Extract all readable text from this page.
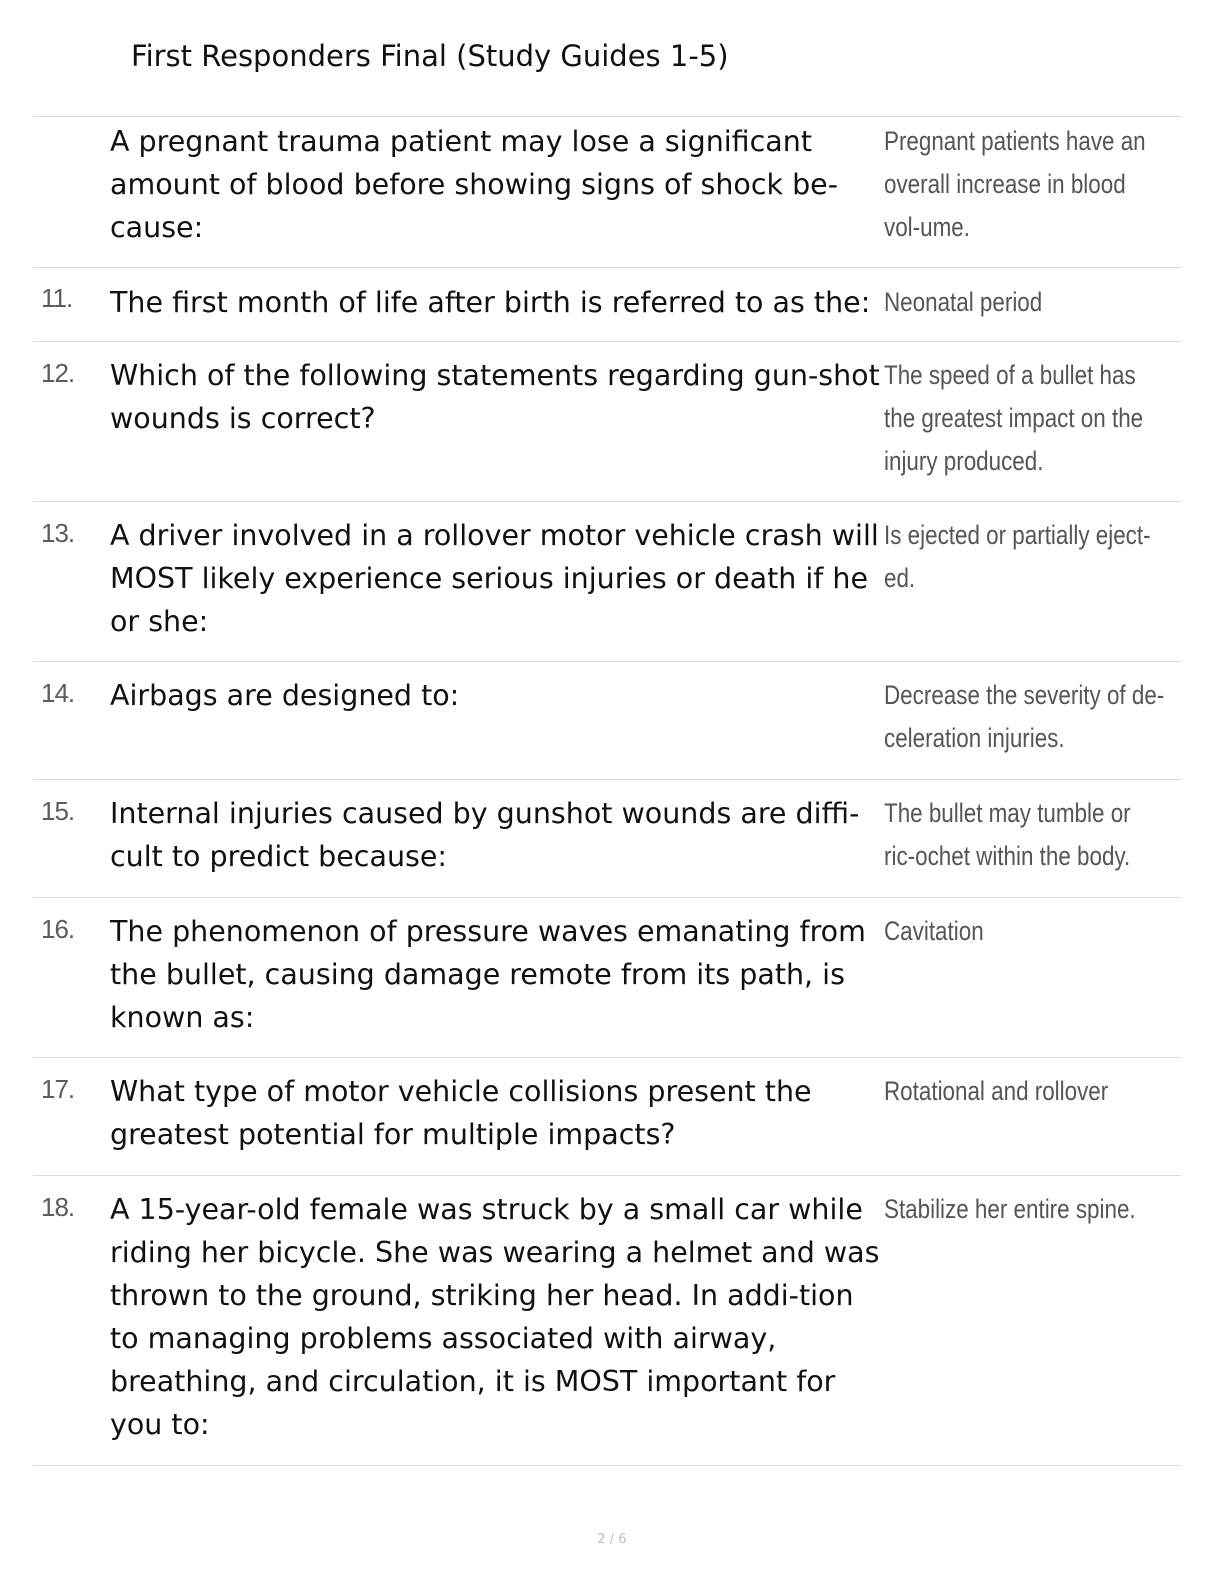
First Responders Final (Study Guides 1-5)
A pregnant trauma patient may lose a significant amount of blood before showing signs of shock be-cause:
Pregnant patients have an overall increase in blood vol-ume.
11. The first month of life after birth is referred to as the: Neonatal period
12. Which of the following statements regarding gun-shot wounds is correct?
The speed of a bullet has the greatest impact on the injury produced.
13. A driver involved in a rollover motor vehicle crash will MOST likely experience serious injuries or death if he or she:
Is ejected or partially eject-ed.
14. Airbags are designed to:	Decrease the severity of de-celeration injuries.
15. Internal injuries caused by gunshot wounds are diffi-cult to predict because:
The bullet may tumble or ric-ochet within the body.
16. The phenomenon of pressure waves emanating from the bullet, causing damage remote from its path, is known as:
Cavitation
17. What type of motor vehicle collisions present the greatest potential for multiple impacts?
Rotational and rollover
18. A 15-year-old female was struck by a small car while riding her bicycle. She was wearing a helmet and was thrown to the ground, striking her head. In addi-tion to managing problems associated with airway, breathing, and circulation, it is MOST important for you to:
Stabilize her entire spine.
2 / 6
